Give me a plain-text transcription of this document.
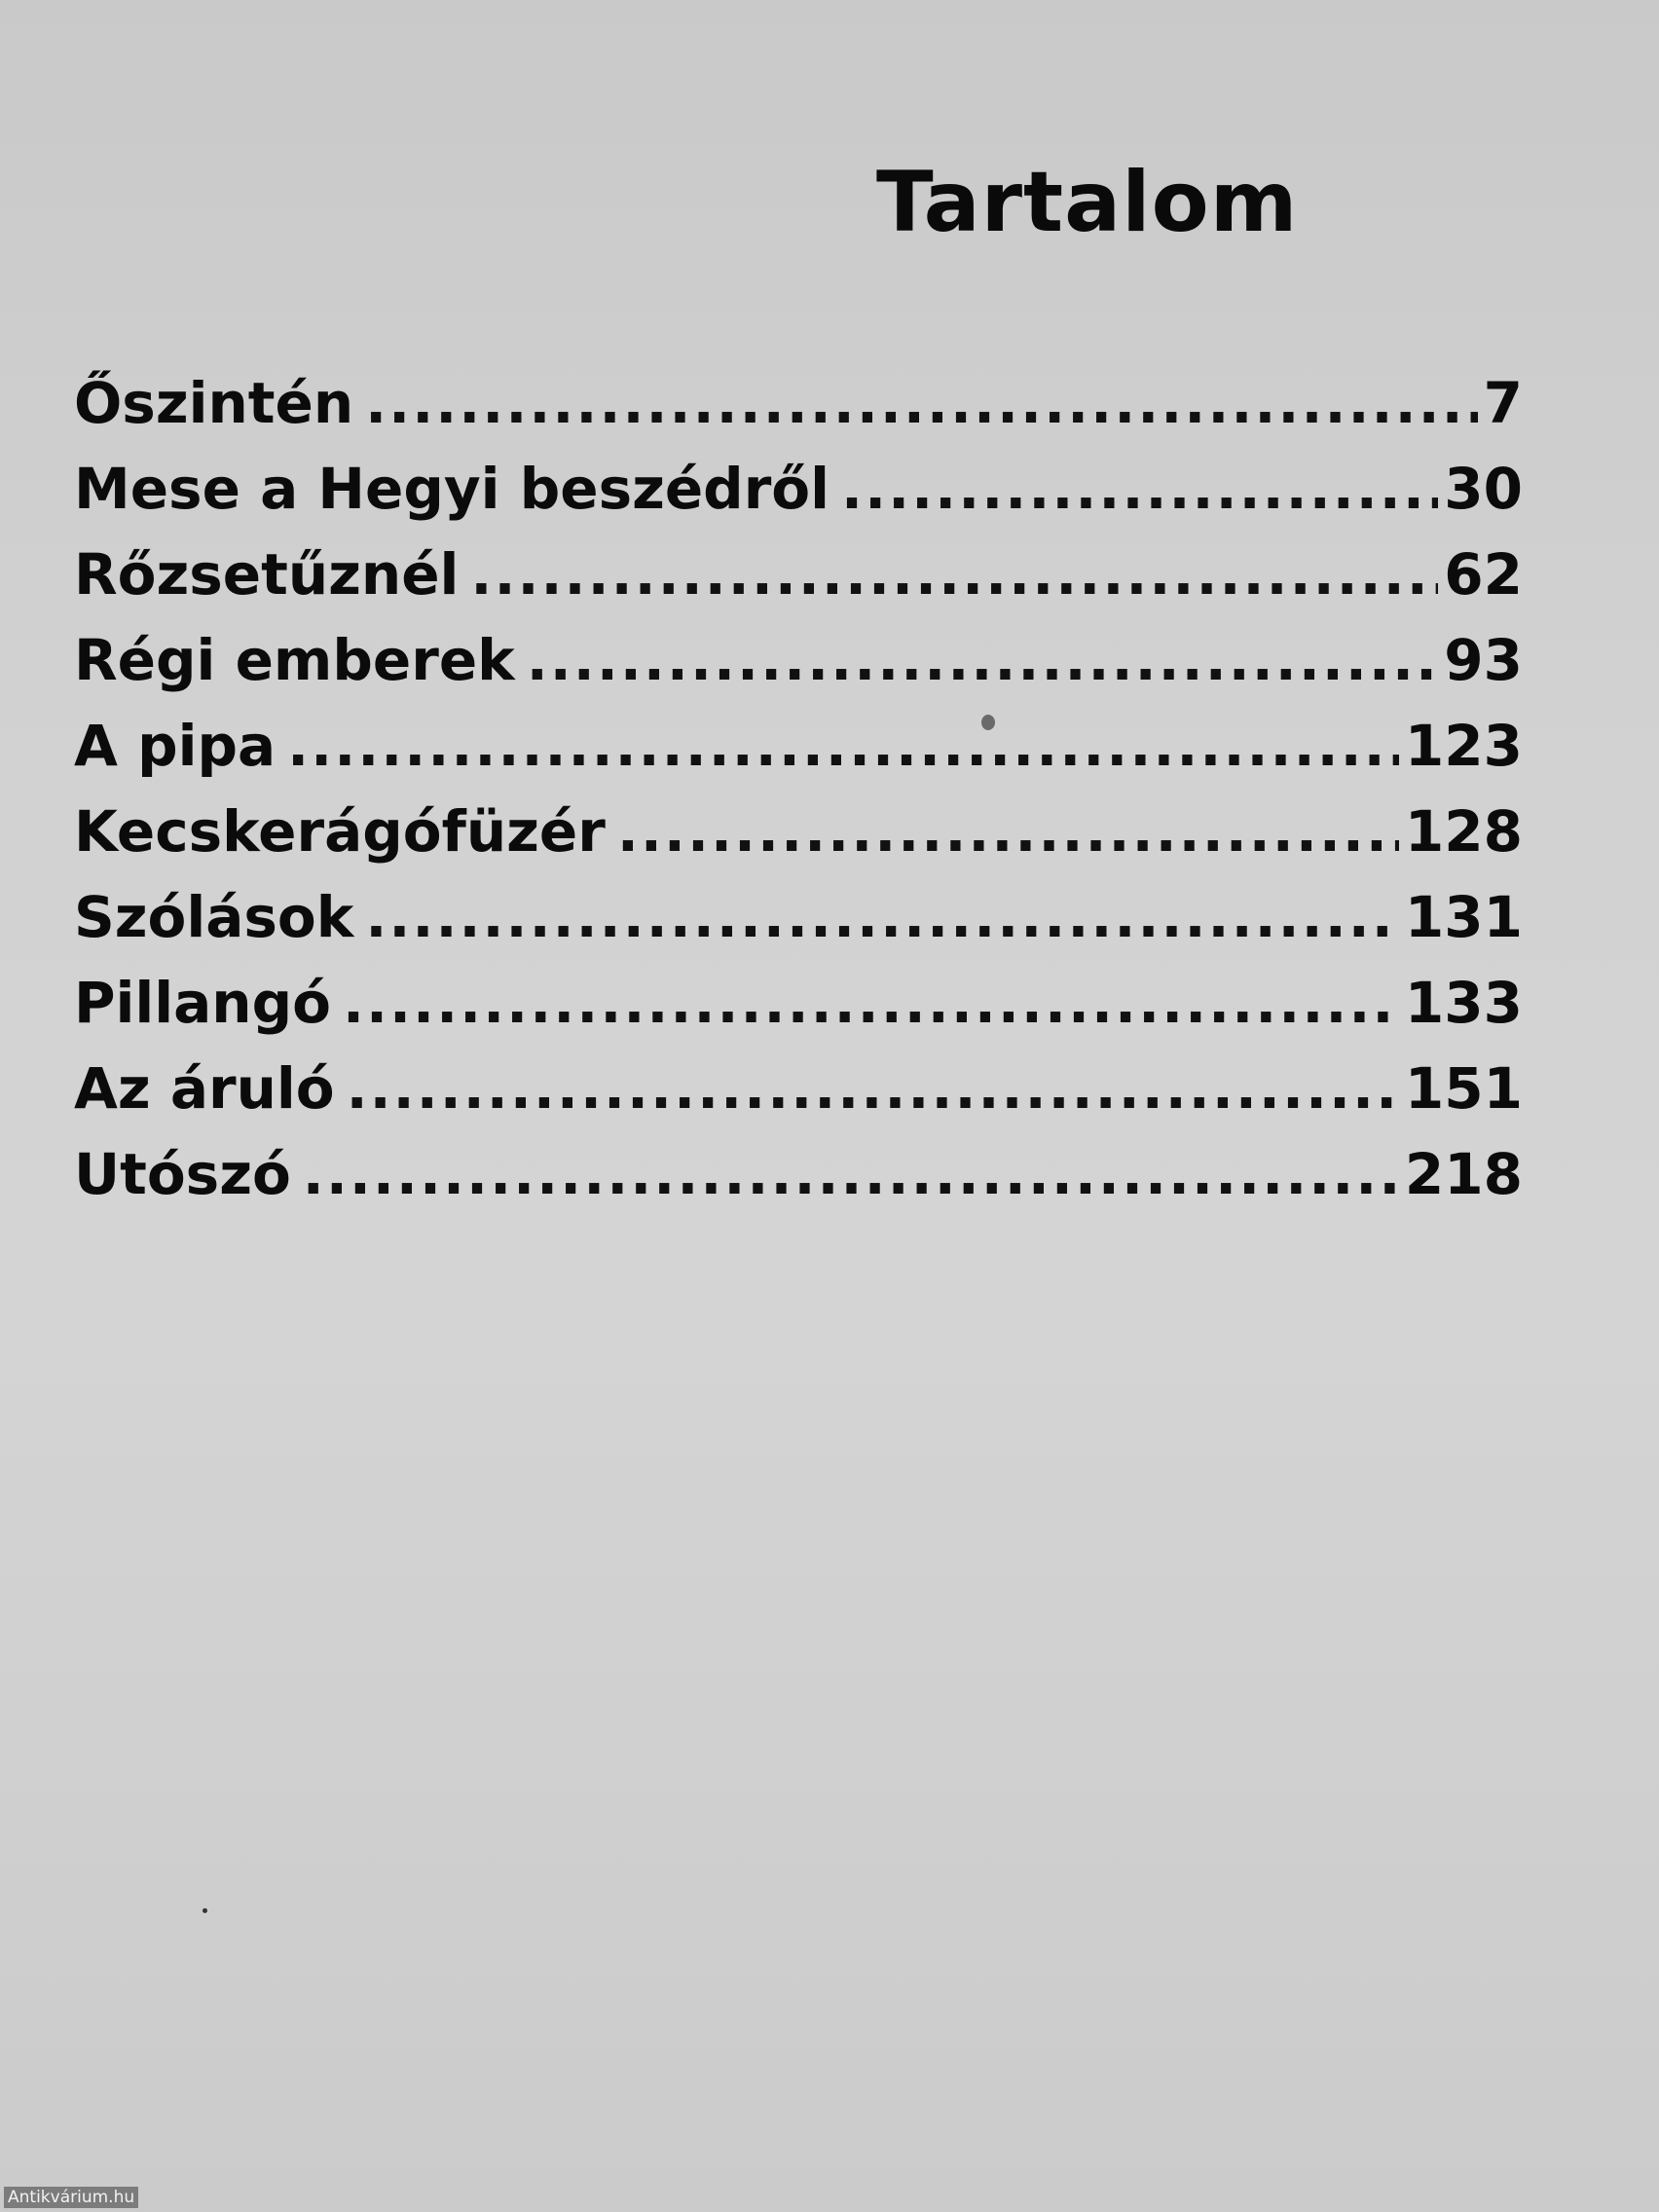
Tartalom
Őszintén .....	7
Mese a Hegyi beszédről .....	30
Rőzsetűznél .....	62
Régi emberek .....	93
A pipa .....	123
Kecskerágófüzér .....	128
Szólások .....	131
Pillangó .....	133
Az áruló .....	151
Utószó .....	218
Antikvárium.hu
